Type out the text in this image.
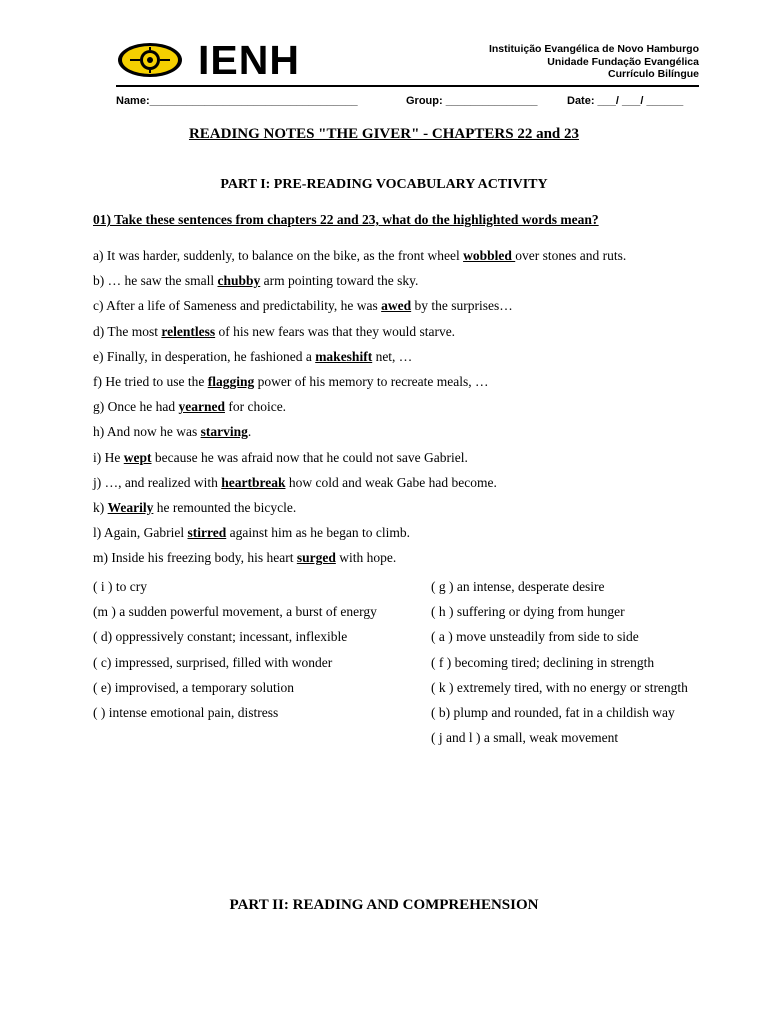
IENH	Instituição Evangélica de Novo Hamburgo
Unidade Fundação Evangélica
Currículo Bilíngue
Name:__________________________________	Group: _______________	Date: ___/ ___/ ______
READING NOTES "THE GIVER" - CHAPTERS 22 and 23
PART I: PRE-READING VOCABULARY ACTIVITY
01) Take these sentences from chapters 22 and 23, what do the highlighted words mean?
a) It was harder, suddenly, to balance on the bike, as the front wheel wobbled over stones and ruts.
b) … he saw the small chubby arm pointing toward the sky.
c) After a life of Sameness and predictability, he was awed by the surprises…
d) The most relentless of his new fears was that they would starve.
e) Finally, in desperation, he fashioned a makeshift net, …
f) He tried to use the flagging power of his memory to recreate meals, …
g) Once he had yearned for choice.
h) And now he was starving.
i) He wept because he was afraid now that he could not save Gabriel.
j) …, and realized with heartbreak how cold and weak Gabe had become.
k) Wearily he remounted the bicycle.
l) Again, Gabriel stirred against him as he began to climb.
m) Inside his freezing body, his heart surged with hope.
( i ) to cry
(m ) a sudden powerful movement, a burst of energy
( d) oppressively constant; incessant, inflexible
( c) impressed, surprised, filled with wonder
( e) improvised, a temporary solution
( ) intense emotional pain, distress
( g ) an intense, desperate desire
( h ) suffering or dying from hunger
( a ) move unsteadily from side to side
( f ) becoming tired; declining in strength
( k ) extremely tired, with no energy or strength
( b) plump and rounded, fat in a childish way
( j and l ) a small, weak movement
PART II: READING AND COMPREHENSION
